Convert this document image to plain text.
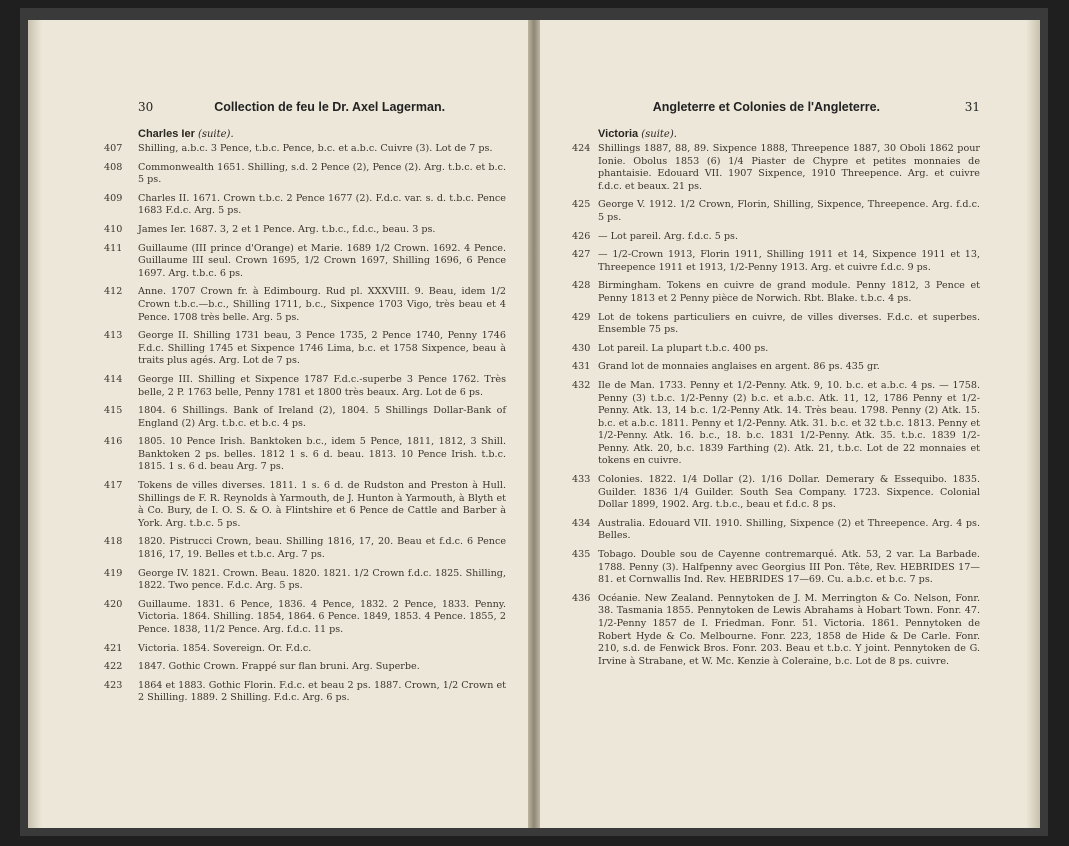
30	Collection de feu le Dr. Axel Lagerman.
Charles Ier (suite).
407 Shilling, a.b.c. 3 Pence, t.b.c. Pence, b.c. et a.b.c. Cuivre (3). Lot de 7 ps.
408 Commonwealth 1651. Shilling, s.d. 2 Pence (2), Pence (2). Arg. t.b.c. et b.c. 5 ps.
409 Charles II. 1671. Crown t.b.c. 2 Pence 1677 (2). F.d.c. var. s. d. t.b.c. Pence 1683 F.d.c. Arg. 5 ps.
410 James Ier. 1687. 3, 2 et 1 Pence. Arg. t.b.c., f.d.c., beau. 3 ps.
411 Guillaume (III prince d'Orange) et Marie. 1689 1/2 Crown. 1692. 4 Pence. Guillaume III seul. Crown 1695, 1/2 Crown 1697, Shilling 1696, 6 Pence 1697. Arg. t.b.c. 6 ps.
412 Anne. 1707 Crown fr. à Edimbourg. Rud pl. XXXVIII. 9. Beau, idem 1/2 Crown t.b.c.—b.c., Shilling 1711, b.c., Sixpence 1703 Vigo, très beau et 4 Pence. 1708 très belle. Arg. 5 ps.
413 George II. Shilling 1731 beau, 3 Pence 1735, 2 Pence 1740, Penny 1746 F.d.c. Shilling 1745 et Sixpence 1746 Lima, b.c. et 1758 Sixpence, beau à traits plus agés. Arg. Lot de 7 ps.
414 George III. Shilling et Sixpence 1787 F.d.c.-superbe 3 Pence 1762. Très belle, 2 P. 1763 belle, Penny 1781 et 1800 très beaux. Arg. Lot de 6 ps.
415 1804. 6 Shillings. Bank of Ireland (2), 1804. 5 Shillings Dollar-Bank of England (2) Arg. t.b.c. et b.c. 4 ps.
416 1805. 10 Pence Irish. Banktoken b.c., idem 5 Pence, 1811, 1812, 3 Shill. Banktoken 2 ps. belles. 1812 1 s. 6 d. beau. 1813. 10 Pence Irish. t.b.c. 1815. 1 s. 6 d. beau Arg. 7 ps.
417 Tokens de villes diverses. 1811. 1 s. 6 d. de Rudston and Preston à Hull. Shillings de F. R. Reynolds à Yarmouth, de J. Hunton à Yarmouth, à Blyth et à Co. Bury, de I. O. S. & O. à Flintshire et 6 Pence de Cattle and Barber à York. Arg. t.b.c. 5 ps.
418 1820. Pistrucci Crown, beau. Shilling 1816, 17, 20. Beau et f.d.c. 6 Pence 1816, 17, 19. Belles et t.b.c. Arg. 7 ps.
419 George IV. 1821. Crown. Beau. 1820. 1821. 1/2 Crown f.d.c. 1825. Shilling, 1822. Two pence. F.d.c. Arg. 5 ps.
420 Guillaume. 1831. 6 Pence, 1836. 4 Pence, 1832. 2 Pence, 1833. Penny. Victoria. 1864. Shilling. 1854, 1864. 6 Pence. 1849, 1853. 4 Pence. 1855, 2 Pence. 1838, 11/2 Pence. Arg. f.d.c. 11 ps.
421 Victoria. 1854. Sovereign. Or. F.d.c.
422 1847. Gothic Crown. Frappé sur flan bruni. Arg. Superbe.
423 1864 et 1883. Gothic Florin. F.d.c. et beau 2 ps. 1887. Crown, 1/2 Crown et 2 Shilling. 1889. 2 Shilling. F.d.c. Arg. 6 ps.
Angleterre et Colonies de l'Angleterre.	31
Victoria (suite).
424 Shillings 1887, 88, 89. Sixpence 1888, Threepence 1887, 30 Oboli 1862 pour Ionie. Obolus 1853 (6) 1/4 Piaster de Chypre et petites monnaies de phantaisie. Edouard VII. 1907 Sixpence, 1910 Threepence. Arg. et cuivre f.d.c. et beaux. 21 ps.
425 George V. 1912. 1/2 Crown, Florin, Shilling, Sixpence, Threepence. Arg. f.d.c. 5 ps.
426 — Lot pareil. Arg. f.d.c. 5 ps.
427 — 1/2-Crown 1913, Florin 1911, Shilling 1911 et 14, Sixpence 1911 et 13, Threepence 1911 et 1913, 1/2-Penny 1913. Arg. et cuivre f.d.c. 9 ps.
428 Birmingham. Tokens en cuivre de grand module. Penny 1812, 3 Pence et Penny 1813 et 2 Penny pièce de Norwich. Rbt. Blake. t.b.c. 4 ps.
429 Lot de tokens particuliers en cuivre, de villes diverses. F.d.c. et superbes. Ensemble 75 ps.
430 Lot pareil. La plupart t.b.c. 400 ps.
431 Grand lot de monnaies anglaises en argent. 86 ps. 435 gr.
432 Ile de Man. 1733. Penny et 1/2-Penny. Atk. 9, 10. b.c. et a.b.c. 4 ps. — 1758. Penny (3) t.b.c. 1/2-Penny (2) b.c. et a.b.c. Atk. 11, 12, 1786 Penny et 1/2-Penny. Atk. 13, 14 b.c. 1/2-Penny Atk. 14. Très beau. 1798. Penny (2) Atk. 15. b.c. et a.b.c. 1811. Penny et 1/2-Penny. Atk. 31. b.c. et 32 t.b.c. 1813. Penny et 1/2-Penny. Atk. 16. b.c., 18. b.c. 1831 1/2-Penny. Atk. 35. t.b.c. 1839 1/2-Penny. Atk. 20, b.c. 1839 Farthing (2). Atk. 21, t.b.c. Lot de 22 monnaies et tokens en cuivre.
433 Colonies. 1822. 1/4 Dollar (2). 1/16 Dollar. Demerary & Essequibo. 1835. Guilder. 1836 1/4 Guilder. South Sea Company. 1723. Sixpence. Colonial Dollar 1899, 1902. Arg. t.b.c., beau et f.d.c. 8 ps.
434 Australia. Edouard VII. 1910. Shilling, Sixpence (2) et Threepence. Arg. 4 ps. Belles.
435 Tobago. Double sou de Cayenne contremarqué. Atk. 53, 2 var. La Barbade. 1788. Penny (3). Halfpenny avec Georgius III Pon. Tête, Rev. HEBRIDES 17—81. et Cornwallis Ind. Rev. HEBRIDES 17—69. Cu. a.b.c. et b.c. 7 ps.
436 Océanie. New Zealand. Pennytoken de J. M. Merrington & Co. Nelson, Fonr. 38. Tasmania 1855. Pennytoken de Lewis Abrahams à Hobart Town. Fonr. 47. 1/2-Penny 1857 de I. Friedman. Fonr. 51. Victoria. 1861. Pennytoken de Robert Hyde & Co. Melbourne. Fonr. 223, 1858 de Hide & De Carle. Fonr. 210, s.d. de Fenwick Bros. Fonr. 203. Beau et t.b.c. Y joint. Pennytoken de G. Irvine à Strabane, et W. Mc. Kenzie à Coleraine, b.c. Lot de 8 ps. cuivre.
